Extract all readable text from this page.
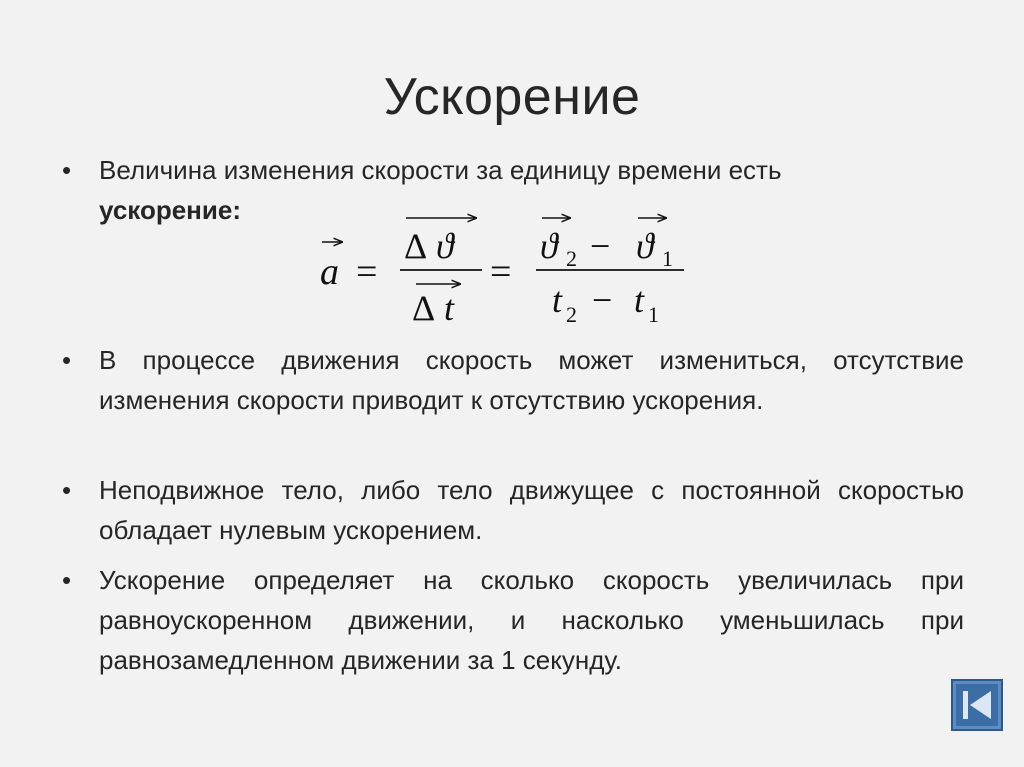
Ускорение
• Величина изменения скорости за единицу времени есть
ускорение:
a =
Δ ϑ
Δ t
=
ϑ 2 − ϑ 1
t 2 − t 1
• В процессе движения скорость может измениться, отсутствие изменения скорости приводит к отсутствию ускорения.
• Неподвижное тело, либо тело движущее с постоянной скоростью обладает нулевым ускорением.
• Ускорение определяет на сколько скорость увеличилась при равноускоренном движении, и насколько уменьшилась при равнозамедленном движении за 1 секунду.
